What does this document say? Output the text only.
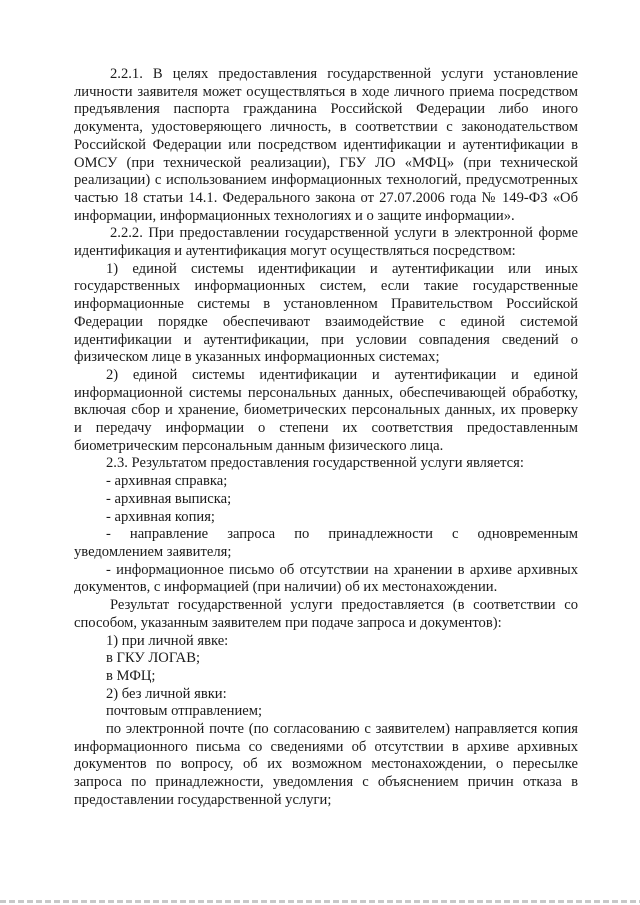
2.2.1. В целях предоставления государственной услуги установление личности заявителя может осуществляться в ходе личного приема посредством предъявления паспорта гражданина Российской Федерации либо иного документа, удостоверяющего личность, в соответствии с законодательством Российской Федерации или посредством идентификации и аутентификации в ОМСУ (при технической реализации), ГБУ ЛО «МФЦ» (при технической реализации) с использованием информационных технологий, предусмотренных частью 18 статьи 14.1. Федерального закона от 27.07.2006 года № 149-ФЗ «Об информации, информационных технологиях и о защите информации».

2.2.2. При предоставлении государственной услуги в электронной форме идентификация и аутентификация могут осуществляться посредством:

1) единой системы идентификации и аутентификации или иных государственных информационных систем, если такие государственные информационные системы в установленном Правительством Российской Федерации порядке обеспечивают взаимодействие с единой системой идентификации и аутентификации, при условии совпадения сведений о физическом лице в указанных информационных системах;

2) единой системы идентификации и аутентификации и единой информационной системы персональных данных, обеспечивающей обработку, включая сбор и хранение, биометрических персональных данных, их проверку и передачу информации о степени их соответствия предоставленным биометрическим персональным данным физического лица.

2.3. Результатом предоставления государственной услуги является:

- архивная справка;

- архивная выписка;

- архивная копия;

- направление запроса по принадлежности с одновременным уведомлением заявителя;

- информационное письмо об отсутствии на хранении в архиве архивных документов, с информацией (при наличии) об их местонахождении.

Результат государственной услуги предоставляется (в соответствии со способом, указанным заявителем при подаче запроса и документов):

1) при личной явке:

в ГКУ ЛОГАВ;

в МФЦ;

2) без личной явки:

почтовым отправлением;

по электронной почте (по согласованию с заявителем) направляется копия информационного письма со сведениями об отсутствии в архиве архивных документов по вопросу, об их возможном местонахождении, о пересылке запроса по принадлежности, уведомления с объяснением причин отказа в предоставлении государственной услуги;
